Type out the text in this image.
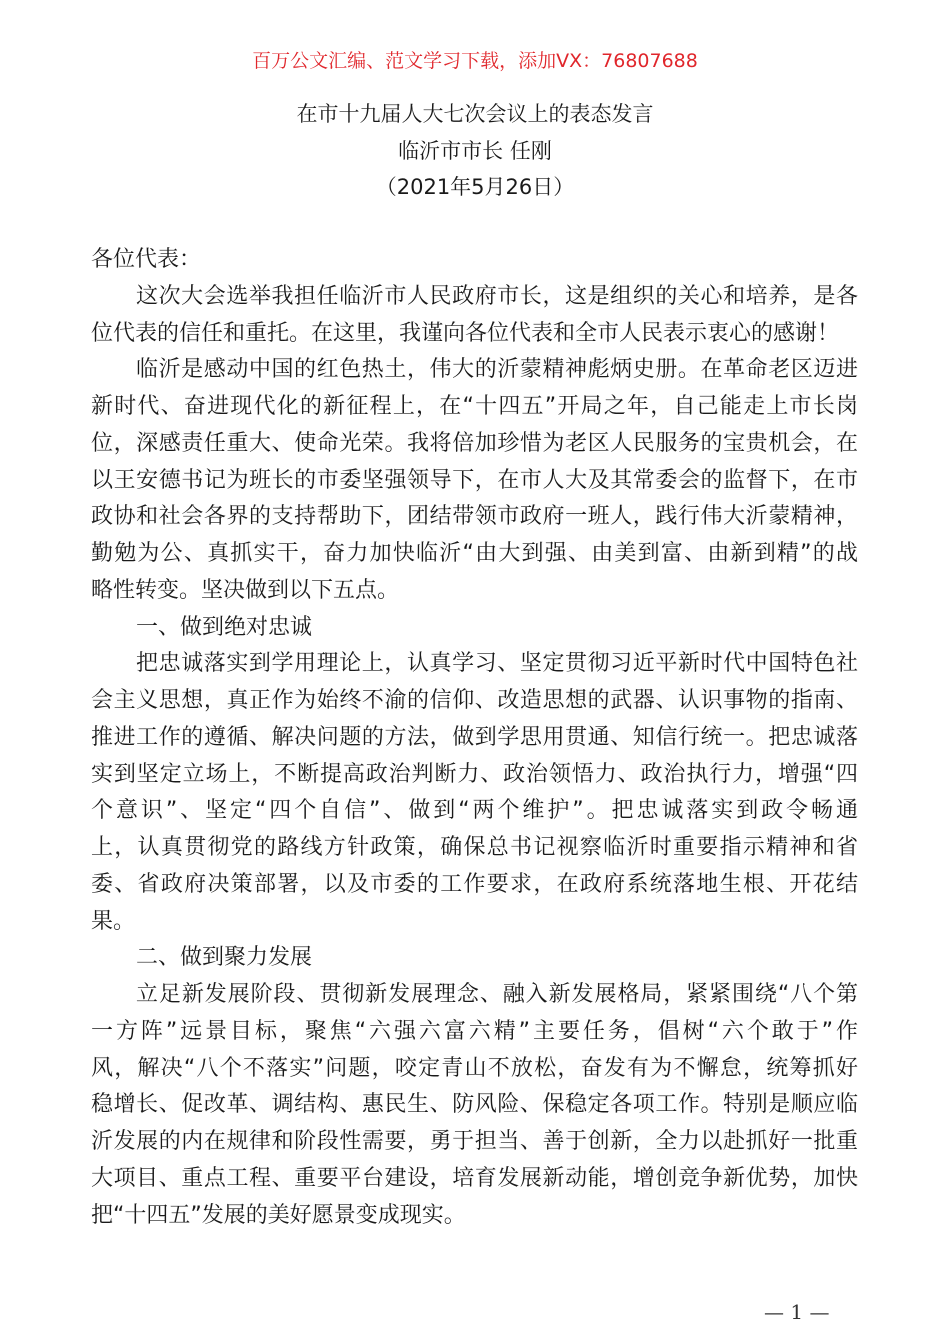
百万公文汇编、范文学习下载，添加VX：76807688
在市十九届人大七次会议上的表态发言
临沂市市长 任刚
（2021年5月26日）
各位代表：
这次大会选举我担任临沂市人民政府市长，这是组织的关心和培养，是各
位代表的信任和重托。在这里，我谨向各位代表和全市人民表示衷心的感谢！
临沂是感动中国的红色热土，伟大的沂蒙精神彪炳史册。在革命老区迈进
新时代、奋进现代化的新征程上，在“十四五”开局之年，自己能走上市长岗
位，深感责任重大、使命光荣。我将倍加珍惜为老区人民服务的宝贵机会，在
以王安德书记为班长的市委坚强领导下，在市人大及其常委会的监督下，在市
政协和社会各界的支持帮助下，团结带领市政府一班人，践行伟大沂蒙精神，
勤勉为公、真抓实干，奋力加快临沂“由大到强、由美到富、由新到精”的战
略性转变。坚决做到以下五点。
一、做到绝对忠诚
把忠诚落实到学用理论上，认真学习、坚定贯彻习近平新时代中国特色社
会主义思想，真正作为始终不渝的信仰、改造思想的武器、认识事物的指南、
推进工作的遵循、解决问题的方法，做到学思用贯通、知信行统一。把忠诚落
实到坚定立场上，不断提高政治判断力、政治领悟力、政治执行力，增强“四
个意识”、坚定“四个自信”、做到“两个维护”。把忠诚落实到政令畅通
上，认真贯彻党的路线方针政策，确保总书记视察临沂时重要指示精神和省
委、省政府决策部署，以及市委的工作要求，在政府系统落地生根、开花结
果。
二、做到聚力发展
立足新发展阶段、贯彻新发展理念、融入新发展格局，紧紧围绕“八个第
一方阵”远景目标，聚焦“六强六富六精”主要任务，倡树“六个敢于”作
风，解决“八个不落实”问题，咬定青山不放松，奋发有为不懈怠，统筹抓好
稳增长、促改革、调结构、惠民生、防风险、保稳定各项工作。特别是顺应临
沂发展的内在规律和阶段性需要，勇于担当、善于创新，全力以赴抓好一批重
大项目、重点工程、重要平台建设，培育发展新动能，增创竞争新优势，加快
把“十四五”发展的美好愿景变成现实。
— 1 —
